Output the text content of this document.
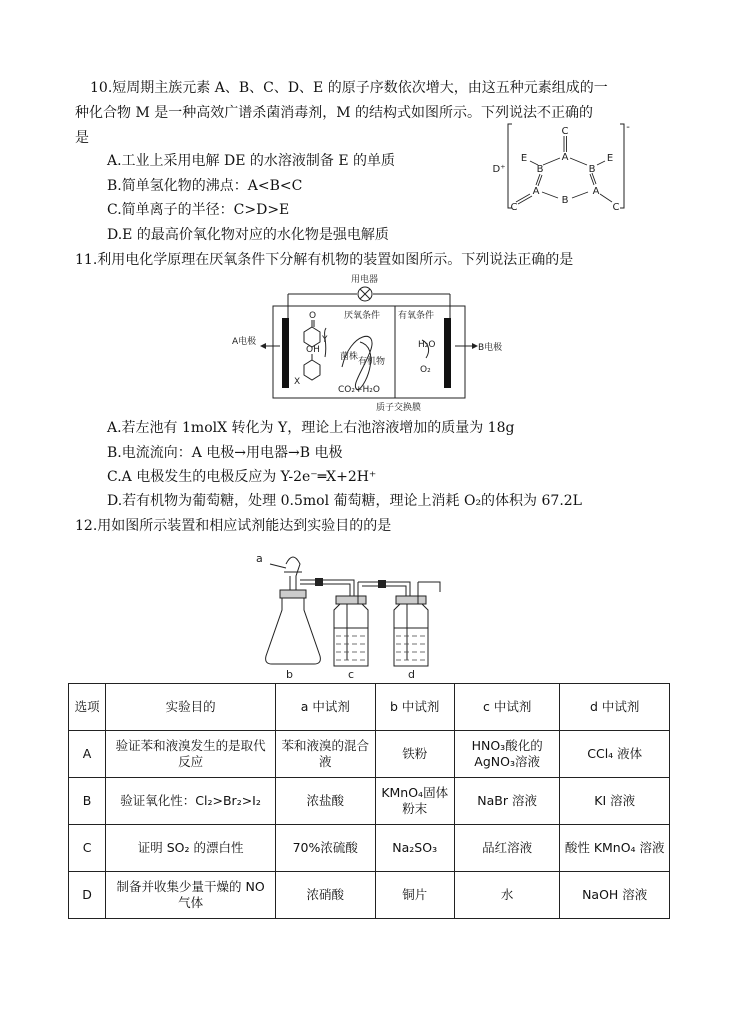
10.短周期主族元素 A、B、C、D、E 的原子序数依次增大，由这五种元素组成的一
种化合物 M 是一种高效广谱杀菌消毒剂，M 的结构式如图所示。下列说法不正确的
是
A.工业上采用电解 DE 的水溶液制备 E 的单质
B.简单氢化物的沸点：A<B<C
C.简单离子的半径：C>D>E
D.E 的最高价氧化物对应的水化物是强电解质
C
A
B	B
E	E
A	A
B
C	C
D⁺
-
11.利用电化学原理在厌氧条件下分解有机物的装置如图所示。下列说法正确的是
用电器
厌氧条件 有氧条件
A电极
B电极
菌株 有机物
CO₂+H₂O
H₂O
O₂
质子交换膜
Y
X
O
OH
A.若左池有 1molX 转化为 Y，理论上右池溶液增加的质量为 18g
B.电流流向：A 电极→用电器→B 电极
C.A 电极发生的电极反应为 Y-2e⁻═X+2H⁺
D.若有机物为葡萄糖，处理 0.5mol 葡萄糖，理论上消耗 O₂的体积为 67.2L
12.用如图所示装置和相应试剂能达到实验目的的是
a
b	c	d
选项	实验目的	a 中试剂	b 中试剂	c 中试剂	d 中试剂
A	验证苯和液溴发生的是取代反应	苯和液溴的混合液	铁粉	HNO₃酸化的AgNO₃溶液	CCl₄ 液体
B	验证氧化性：Cl₂>Br₂>I₂	浓盐酸	KMnO₄固体粉末	NaBr 溶液	KI 溶液
C	证明 SO₂ 的漂白性	70%浓硫酸	Na₂SO₃	品红溶液	酸性 KMnO₄ 溶液
D	制备并收集少量干燥的 NO 气体	浓硝酸	铜片	水	NaOH 溶液
